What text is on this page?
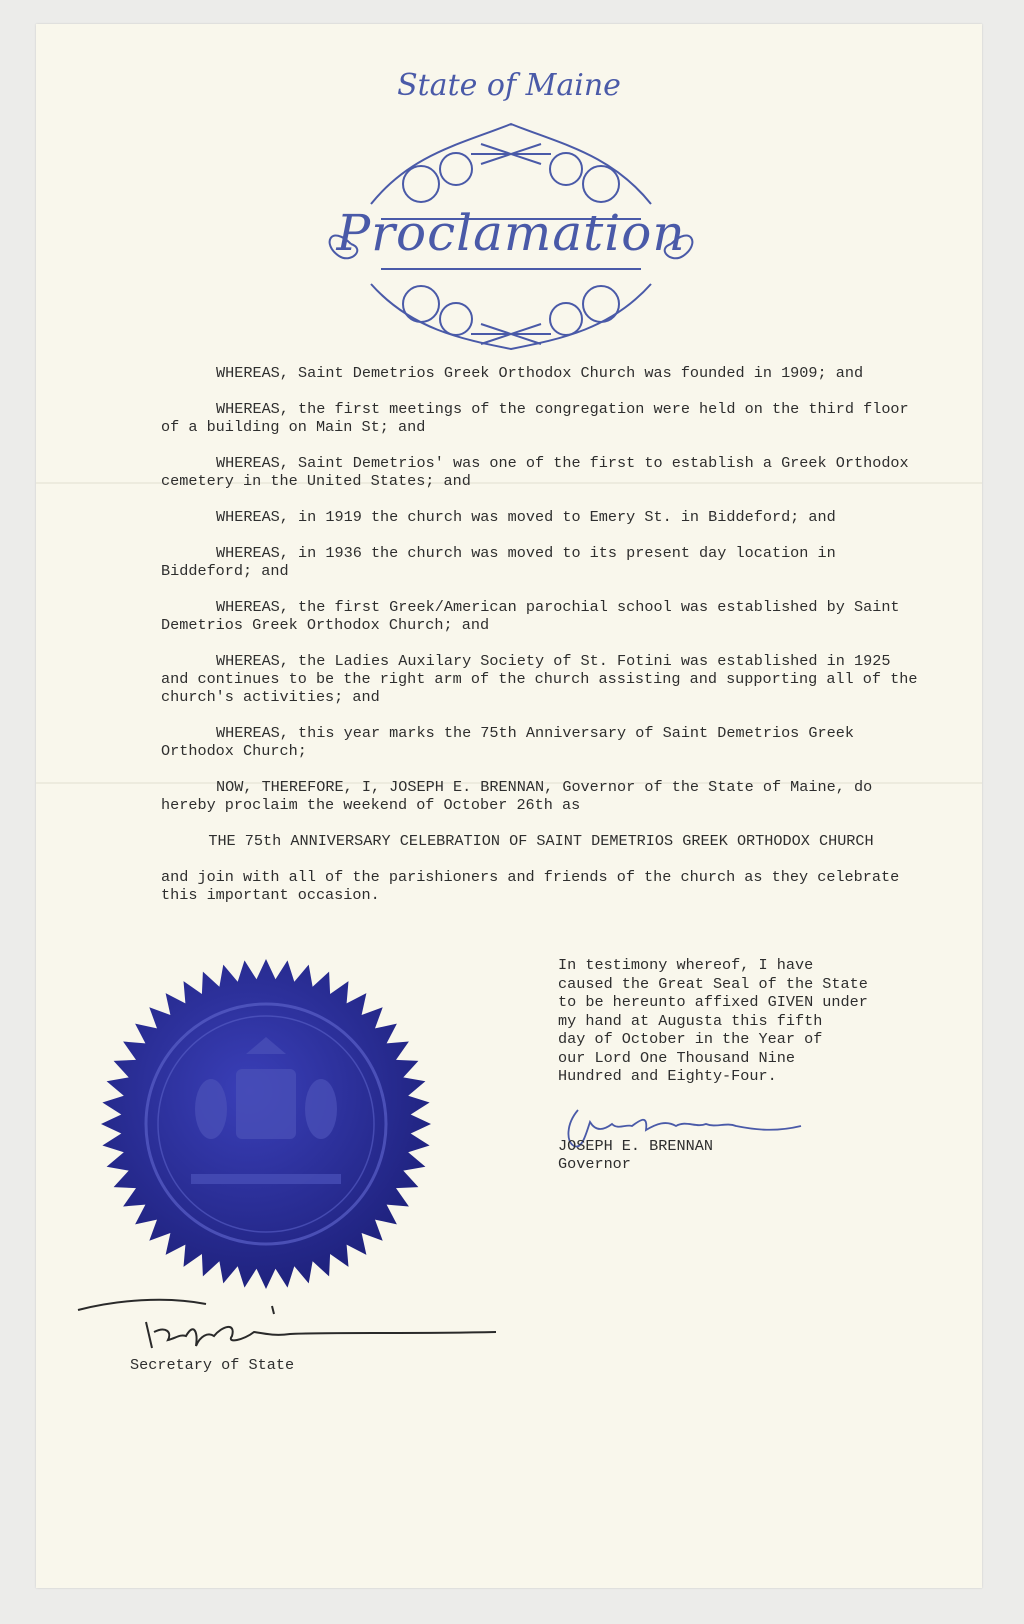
State of Maine
Proclamation

WHEREAS, Saint Demetrios Greek Orthodox Church was founded in 1909; and

WHEREAS, the first meetings of the congregation were held on the third floor of a building on Main St; and

WHEREAS, Saint Demetrios' was one of the first to establish a Greek Orthodox cemetery in the United States; and

WHEREAS, in 1919 the church was moved to Emery St. in Biddeford; and

WHEREAS, in 1936 the church was moved to its present day location in Biddeford; and

WHEREAS, the first Greek/American parochial school was established by Saint Demetrios Greek Orthodox Church; and

WHEREAS, the Ladies Auxilary Society of St. Fotini was established in 1925 and continues to be the right arm of the church assisting and supporting all of the church's activities; and

WHEREAS, this year marks the 75th Anniversary of Saint Demetrios Greek Orthodox Church;

NOW, THEREFORE, I, JOSEPH E. BRENNAN, Governor of the State of Maine, do hereby proclaim the weekend of October 26th as

THE 75th ANNIVERSARY CELEBRATION OF SAINT DEMETRIOS GREEK ORTHODOX CHURCH

and join with all of the parishioners and friends of the church as they celebrate this important occasion.

In testimony whereof, I have
caused the Great Seal of the State
to be hereunto affixed GIVEN under
my hand at Augusta this fifth
day of October in the Year of
our Lord One Thousand Nine
Hundred and Eighty-Four.
JOSEPH E. BRENNAN
Governor
Secretary of State
